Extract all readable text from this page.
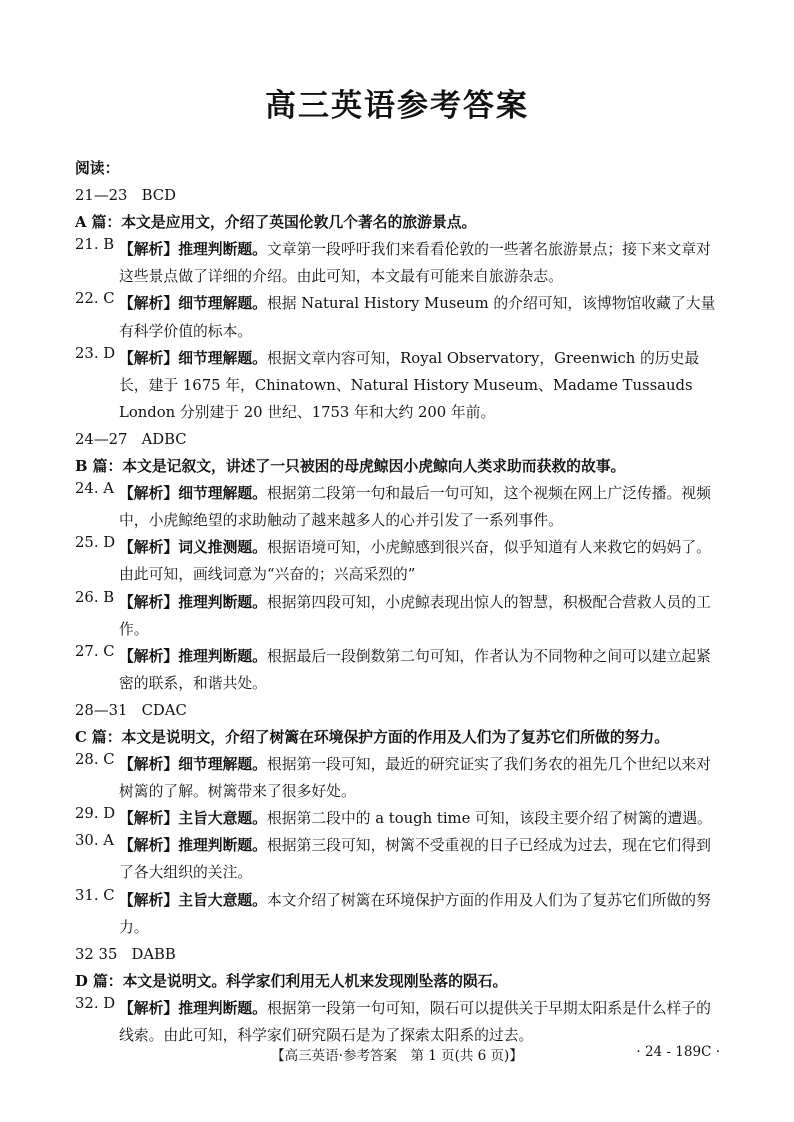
高三英语参考答案
阅读：
21—23 BCD
A 篇：本文是应用文，介绍了英国伦敦几个著名的旅游景点。
21. B 【解析】推理判断题。文章第一段呼吁我们来看看伦敦的一些著名旅游景点；接下来文章对这些景点做了详细的介绍。由此可知，本文最有可能来自旅游杂志。
22. C 【解析】细节理解题。根据 Natural History Museum 的介绍可知，该博物馆收藏了大量有科学价值的标本。
23. D 【解析】细节理解题。根据文章内容可知，Royal Observatory，Greenwich 的历史最长，建于 1675 年，Chinatown、Natural History Museum、Madame Tussauds London 分别建于 20 世纪、1753 年和大约 200 年前。
24—27 ADBC
B 篇：本文是记叙文，讲述了一只被困的母虎鲸因小虎鲸向人类求助而获救的故事。
24. A 【解析】细节理解题。根据第二段第一句和最后一句可知，这个视频在网上广泛传播。视频中，小虎鲸绝望的求助触动了越来越多人的心并引发了一系列事件。
25. D 【解析】词义推测题。根据语境可知，小虎鲸感到很兴奋，似乎知道有人来救它的妈妈了。由此可知，画线词意为“兴奋的；兴高采烈的”
26. B 【解析】推理判断题。根据第四段可知，小虎鲸表现出惊人的智慧，积极配合营救人员的工作。
27. C 【解析】推理判断题。根据最后一段倒数第二句可知，作者认为不同物种之间可以建立起紧密的联系，和谐共处。
28—31 CDAC
C 篇：本文是说明文，介绍了树篱在环境保护方面的作用及人们为了复苏它们所做的努力。
28. C 【解析】细节理解题。根据第一段可知，最近的研究证实了我们务农的祖先几个世纪以来对树篱的了解。树篱带来了很多好处。
29. D 【解析】主旨大意题。根据第二段中的 a tough time 可知，该段主要介绍了树篱的遭遇。
30. A 【解析】推理判断题。根据第三段可知，树篱不受重视的日子已经成为过去，现在它们得到了各大组织的关注。
31. C 【解析】主旨大意题。本文介绍了树篱在环境保护方面的作用及人们为了复苏它们所做的努力。
32 35 DABB
D 篇：本文是说明文。科学家们利用无人机来发现刚坠落的陨石。
32. D 【解析】推理判断题。根据第一段第一句可知，陨石可以提供关于早期太阳系是什么样子的线索。由此可知，科学家们研究陨石是为了探索太阳系的过去。
【高三英语·参考答案　第 1 页(共 6 页)】	· 24 - 189C ·
